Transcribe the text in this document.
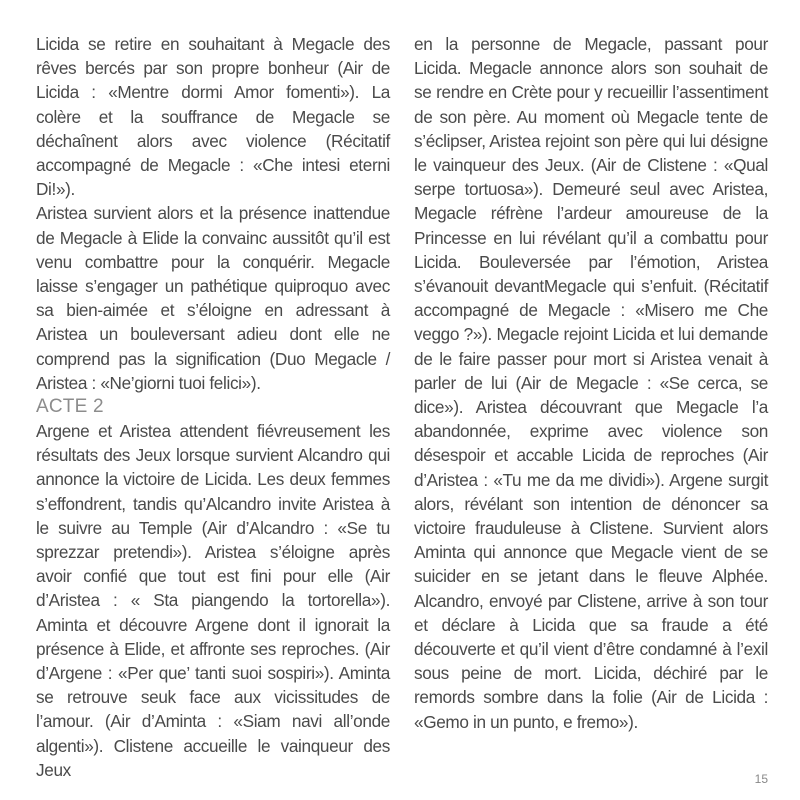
Licida se retire en souhaitant à Megacle des rêves bercés par son propre bonheur (Air de Licida : «Mentre dormi Amor fomenti»). La colère et la souffrance de Megacle se déchaînent alors avec violence (Récitatif accompagné de Megacle : «Che intesi eterni Di!»).

Aristea survient alors et la présence inattendue de Megacle à Elide la convainc aussitôt qu’il est venu combattre pour la conquérir. Megacle laisse s’engager un pathétique quiproquo avec sa bien-aimée et s’éloigne en adressant à Aristea un bouleversant adieu dont elle ne comprend pas la signification (Duo Megacle / Aristea : «Ne’giorni tuoi felici»).

ACTE 2

Argene et Aristea attendent fiévreusement les résultats des Jeux lorsque survient Alcandro qui annonce la victoire de Licida. Les deux femmes s’effondrent, tandis qu’Alcandro invite Aristea à le suivre au Temple (Air d’Alcandro : «Se tu sprezzar pretendi»). Aristea s’éloigne après avoir confié que tout est fini pour elle (Air d’Aristea : « Sta piangendo la tortorella»). Aminta et découvre Argene dont il ignorait la présence à Elide, et affronte ses reproches. (Air d’Argene : «Per que’ tanti suoi sospiri»). Aminta se retrouve seuk face aux vicissitudes de l’amour. (Air d’Aminta : «Siam navi all’onde algenti»). Clistene accueille le vainqueur des Jeux

en la personne de Megacle, passant pour Licida. Megacle annonce alors son souhait de se rendre en Crète pour y recueillir l’assentiment de son père. Au moment où Megacle tente de s’éclipser, Aristea rejoint son père qui lui désigne le vainqueur des Jeux. (Air de Clistene : «Qual serpe tortuosa»). Demeuré seul avec Aristea, Megacle réfrène l’ardeur amoureuse de la Princesse en lui révélant qu’il a combattu pour Licida. Bouleversée par l’émotion, Aristea s’évanouit devantMegacle qui s’enfuit. (Récitatif accompagné de Megacle : «Misero me Che veggo ?»). Megacle rejoint Licida et lui demande de le faire passer pour mort si Aristea venait à parler de lui (Air de Megacle : «Se cerca, se dice»). Aristea découvrant que Megacle l’a abandonnée, exprime avec violence son désespoir et accable Licida de reproches (Air d’Aristea : «Tu me da me dividi»). Argene surgit alors, révélant son intention de dénoncer sa victoire frauduleuse à Clistene. Survient alors Aminta qui annonce que Megacle vient de se suicider en se jetant dans le fleuve Alphée. Alcandro, envoyé par Clistene, arrive à son tour et déclare à Licida que sa fraude a été découverte et qu’il vient d’être condamné à l’exil sous peine de mort. Licida, déchiré par le remords sombre dans la folie (Air de Licida : «Gemo in un punto, e fremo»).

15
